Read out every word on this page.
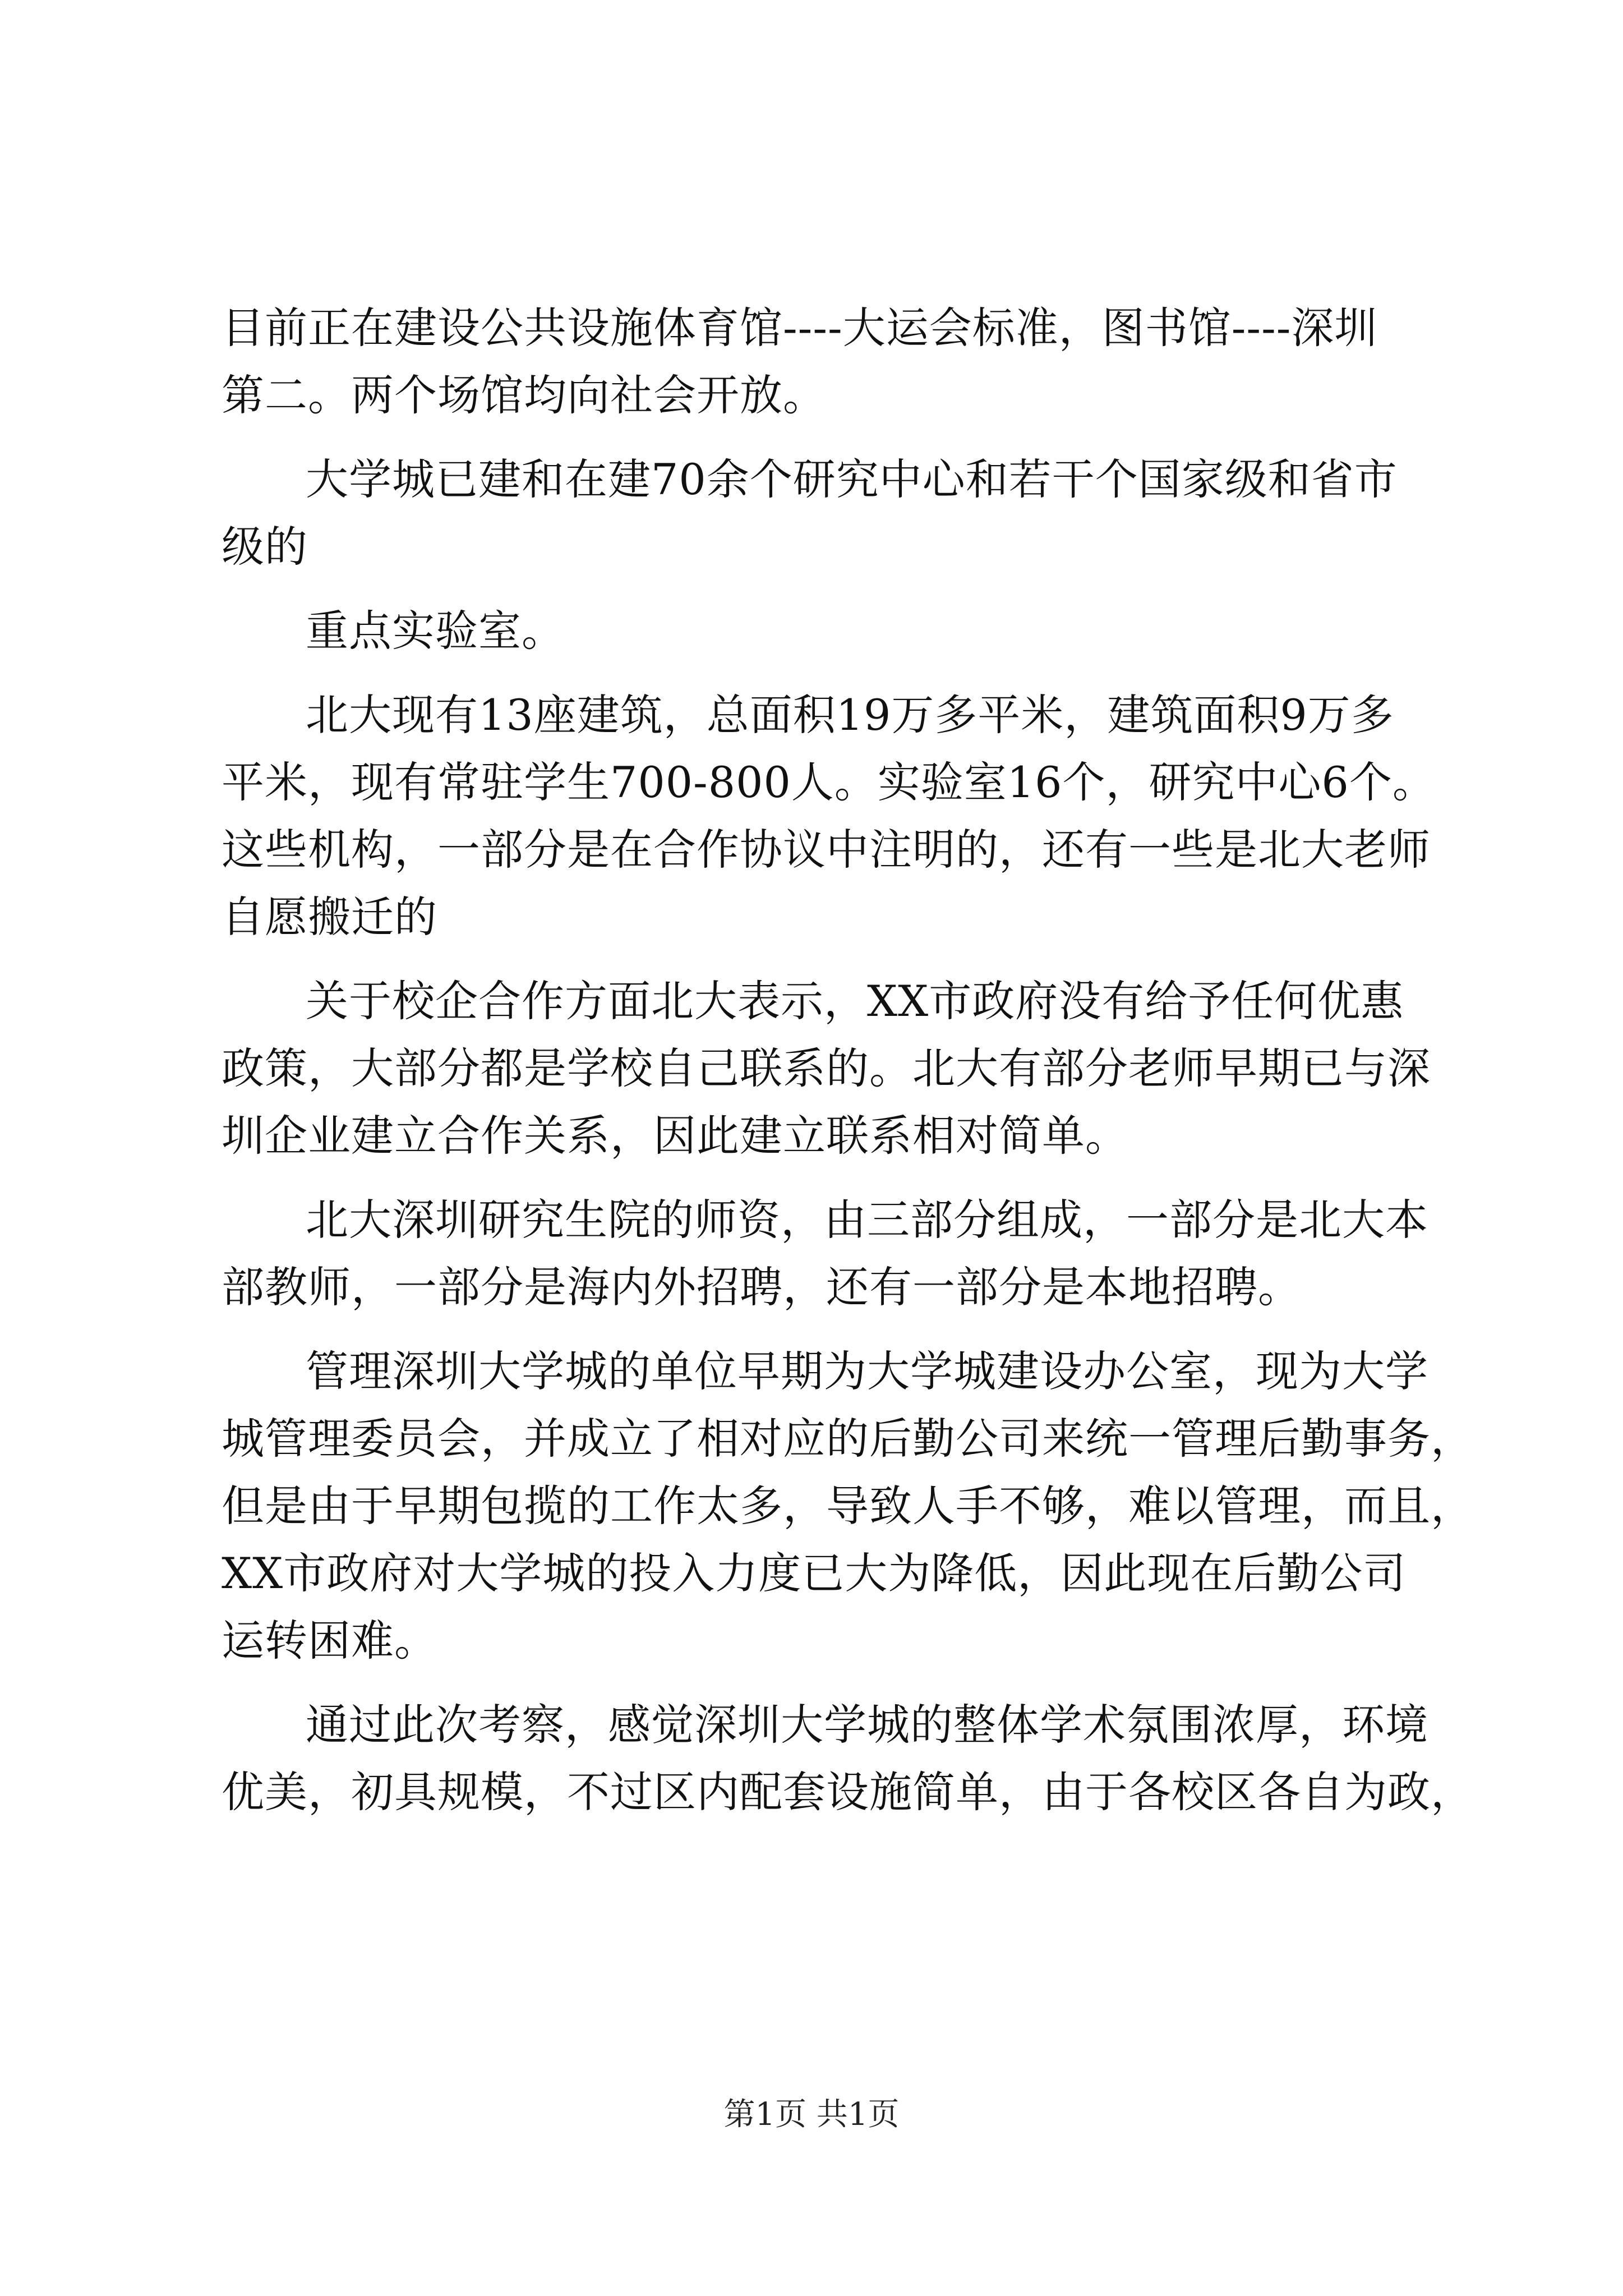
目前正在建设公共设施体育馆----大运会标准，图书馆----深圳
第二。两个场馆均向社会开放。
大学城已建和在建70余个研究中心和若干个国家级和省市
级的
重点实验室。
北大现有13座建筑，总面积19万多平米，建筑面积9万多
平米，现有常驻学生700-800人。实验室16个，研究中心6个。
这些机构，一部分是在合作协议中注明的，还有一些是北大老师
自愿搬迁的
关于校企合作方面北大表示，XX市政府没有给予任何优惠
政策，大部分都是学校自己联系的。北大有部分老师早期已与深
圳企业建立合作关系，因此建立联系相对简单。
北大深圳研究生院的师资，由三部分组成，一部分是北大本
部教师，一部分是海内外招聘，还有一部分是本地招聘。
管理深圳大学城的单位早期为大学城建设办公室，现为大学
城管理委员会，并成立了相对应的后勤公司来统一管理后勤事务，
但是由于早期包揽的工作太多，导致人手不够，难以管理，而且，
XX市政府对大学城的投入力度已大为降低，因此现在后勤公司
运转困难。
通过此次考察，感觉深圳大学城的整体学术氛围浓厚，环境
优美，初具规模，不过区内配套设施简单，由于各校区各自为政，
第1页 共1页
